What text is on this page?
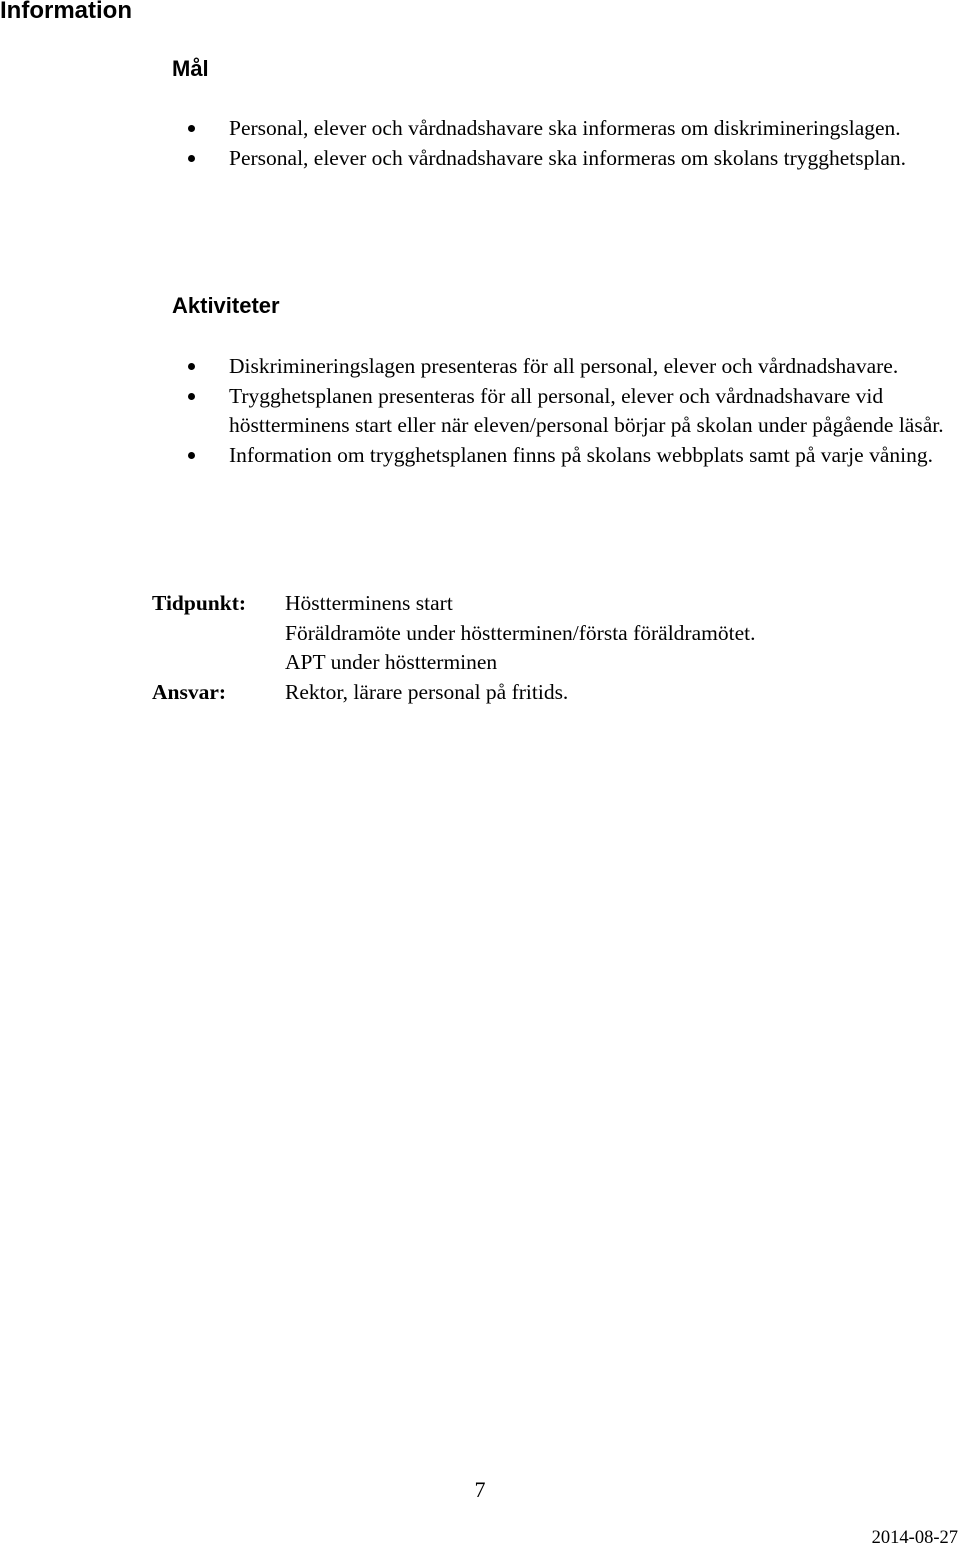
Information
Mål
Personal, elever och vårdnadshavare ska informeras om diskrimineringslagen.
Personal, elever och vårdnadshavare ska informeras om skolans trygghetsplan.
Aktiviteter
Diskrimineringslagen presenteras för all personal, elever och vårdnadshavare.
Trygghetsplanen presenteras för all personal, elever och vårdnadshavare vid höstterminens start eller när eleven/personal börjar på skolan under pågående läsår.
Information om trygghetsplanen finns på skolans webbplats samt på varje våning.
Tidpunkt:	Höstterminens start
	Föräldramöte under höstterminen/första föräldramötet.
	APT under höstterminen
Ansvar:	Rektor, lärare personal på fritids.
7
2014-08-27
